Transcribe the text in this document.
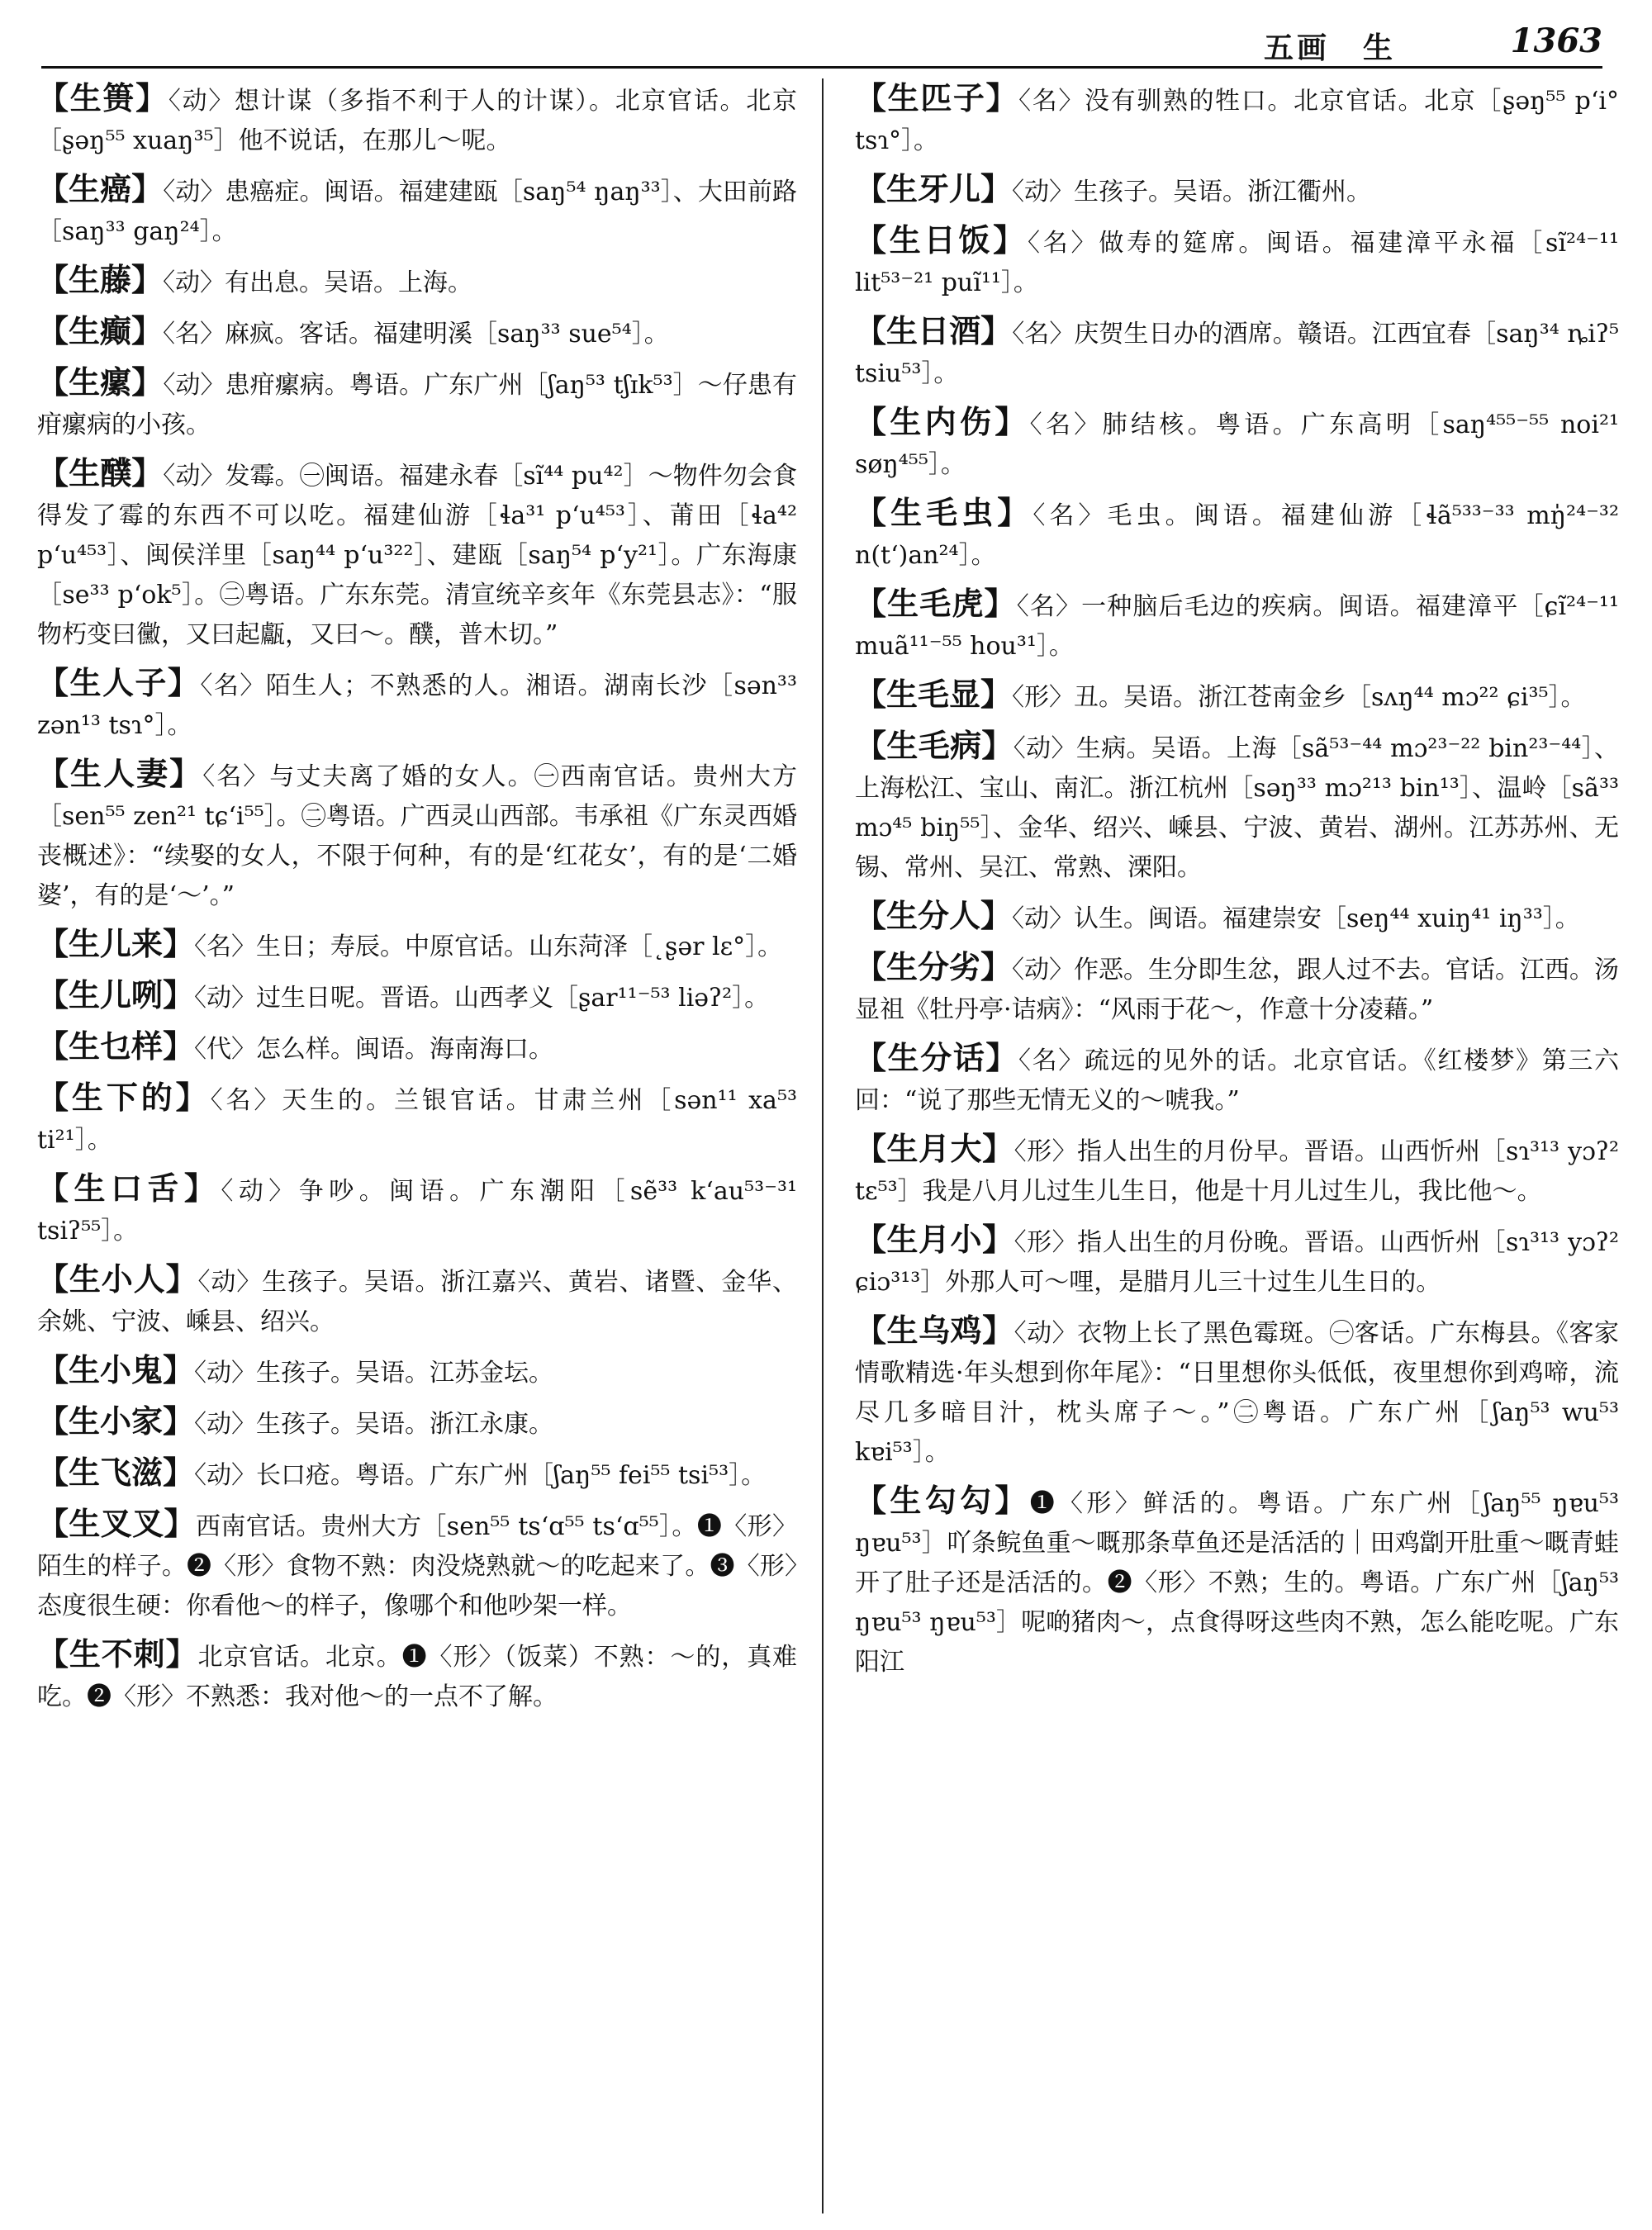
五画　生	1363
【生篑】〈动〉想计谋（多指不利于人的计谋）。北京官话。北京［ʂəŋ⁵⁵ xuaŋ³⁵］他不说话，在那儿～呢。
【生癌】〈动〉患癌症。闽语。福建建瓯［saŋ⁵⁴ ŋaŋ³³］、大田前路［saŋ³³ gaŋ²⁴］。
【生藤】〈动〉有出息。吴语。上海。
【生癫】〈名〉麻疯。客话。福建明溪［saŋ³³ sue⁵⁴］。
【生瘰】〈动〉患疳瘰病。粤语。广东广州［ʃaŋ⁵³ tʃɪk⁵³］～仔患有疳瘰病的小孩。
【生醭】〈动〉发霉。㊀闽语。福建永春［sĩ⁴⁴ pu⁴²］～物件勿会食得发了霉的东西不可以吃。福建仙游［ɬa³¹ pʻu⁴⁵³］、莆田［ɬa⁴² pʻu⁴⁵³］、闽侯洋里［saŋ⁴⁴ pʻu³²²］、建瓯［saŋ⁵⁴ pʻy²¹］。广东海康［se³³ pʻok⁵］。㊁粤语。广东东莞。清宣统辛亥年《东莞县志》：“服物朽变曰黴，又曰起甗，又曰～。醭，普木切。”
【生人子】〈名〉陌生人；不熟悉的人。湘语。湖南长沙［sən³³ zən¹³ tsɿ°］。
【生人妻】〈名〉与丈夫离了婚的女人。㊀西南官话。贵州大方［sen⁵⁵ zen²¹ tɕʻi⁵⁵］。㊁粤语。广西灵山西部。韦承祖《广东灵西婚丧概述》：“续娶的女人，不限于何种，有的是‘红花女’，有的是‘二婚婆’，有的是‘～’。”
【生儿来】〈名〉生日；寿辰。中原官话。山东菏泽［˛ʂər lɛ°］。
【生儿咧】〈动〉过生日呢。晋语。山西孝义［ʂar¹¹⁻⁵³ liəʔ²］。
【生乜样】〈代〉怎么样。闽语。海南海口。
【生下的】〈名〉天生的。兰银官话。甘肃兰州［sən¹¹ xa⁵³ ti²¹］。
【生口舌】〈动〉争吵。闽语。广东潮阳［sẽ³³ kʻau⁵³⁻³¹ tsiʔ⁵⁵］。
【生小人】〈动〉生孩子。吴语。浙江嘉兴、黄岩、诸暨、金华、余姚、宁波、嵊县、绍兴。
【生小鬼】〈动〉生孩子。吴语。江苏金坛。
【生小家】〈动〉生孩子。吴语。浙江永康。
【生飞滋】〈动〉长口疮。粤语。广东广州［ʃaŋ⁵⁵ fei⁵⁵ tsi⁵³］。
【生叉叉】西南官话。贵州大方［sen⁵⁵ tsʻɑ⁵⁵ tsʻɑ⁵⁵］。❶〈形〉陌生的样子。❷〈形〉食物不熟：肉没烧熟就～的吃起来了。❸〈形〉态度很生硬：你看他～的样子，像哪个和他吵架一样。
【生不刺】北京官话。北京。❶〈形〉（饭菜）不熟：～的，真难吃。❷〈形〉不熟悉：我对他～的一点不了解。
【生匹子】〈名〉没有驯熟的牲口。北京官话。北京［ʂəŋ⁵⁵ pʻi° tsɿ°］。
【生牙儿】〈动〉生孩子。吴语。浙江衢州。
【生日饭】〈名〉做寿的筵席。闽语。福建漳平永福［sĩ²⁴⁻¹¹ lit⁵³⁻²¹ puĩ¹¹］。
【生日酒】〈名〉庆贺生日办的酒席。赣语。江西宜春［saŋ³⁴ ȵiʔ⁵ tsiu⁵³］。
【生内伤】〈名〉肺结核。粤语。广东高明［saŋ⁴⁵⁵⁻⁵⁵ noi²¹ søŋ⁴⁵⁵］。
【生毛虫】〈名〉毛虫。闽语。福建仙游［ɬã⁵³³⁻³³ mŋ̍²⁴⁻³² n(tʻ)an²⁴］。
【生毛虎】〈名〉一种脑后毛边的疾病。闽语。福建漳平［ɕĩ²⁴⁻¹¹ muã¹¹⁻⁵⁵ hou³¹］。
【生毛显】〈形〉丑。吴语。浙江苍南金乡［sʌŋ⁴⁴ mɔ²² ɕi³⁵］。
【生毛病】〈动〉生病。吴语。上海［sã⁵³⁻⁴⁴ mɔ²³⁻²² bin²³⁻⁴⁴］、上海松江、宝山、南汇。浙江杭州［səŋ³³ mɔ²¹³ bin¹³］、温岭［sã³³ mɔ⁴⁵ biŋ⁵⁵］、金华、绍兴、嵊县、宁波、黄岩、湖州。江苏苏州、无锡、常州、吴江、常熟、溧阳。
【生分人】〈动〉认生。闽语。福建崇安［seŋ⁴⁴ xuiŋ⁴¹ iŋ³³］。
【生分劣】〈动〉作恶。生分即生忿，跟人过不去。官话。江西。汤显祖《牡丹亭·诘病》：“风雨于花～，作意十分凌藉。”
【生分话】〈名〉疏远的见外的话。北京官话。《红楼梦》第三六回：“说了那些无情无义的～唬我。”
【生月大】〈形〉指人出生的月份早。晋语。山西忻州［sɿ³¹³ yɔʔ² tɛ⁵³］我是八月儿过生儿生日，他是十月儿过生儿，我比他～。
【生月小】〈形〉指人出生的月份晚。晋语。山西忻州［sɿ³¹³ yɔʔ² ɕiɔ³¹³］外那人可～哩，是腊月儿三十过生儿生日的。
【生乌鸡】〈动〉衣物上长了黑色霉斑。㊀客话。广东梅县。《客家情歌精选·年头想到你年尾》：“日里想你头低低，夜里想你到鸡啼，流尽几多暗目汁，枕头席子～。”㊁粤语。广东广州［ʃaŋ⁵³ wu⁵³ kɐi⁵³］。
【生勾勾】❶〈形〉鲜活的。粤语。广东广州［ʃaŋ⁵⁵ ŋɐu⁵³ ŋɐu⁵³］吖条鲩鱼重～嘅那条草鱼还是活活的｜田鸡劏开肚重～嘅青蛙开了肚子还是活活的。❷〈形〉不熟；生的。粤语。广东广州［ʃaŋ⁵³ ŋɐu⁵³ ŋɐu⁵³］呢啲猪肉～，点食得呀这些肉不熟，怎么能吃呢。广东阳江
